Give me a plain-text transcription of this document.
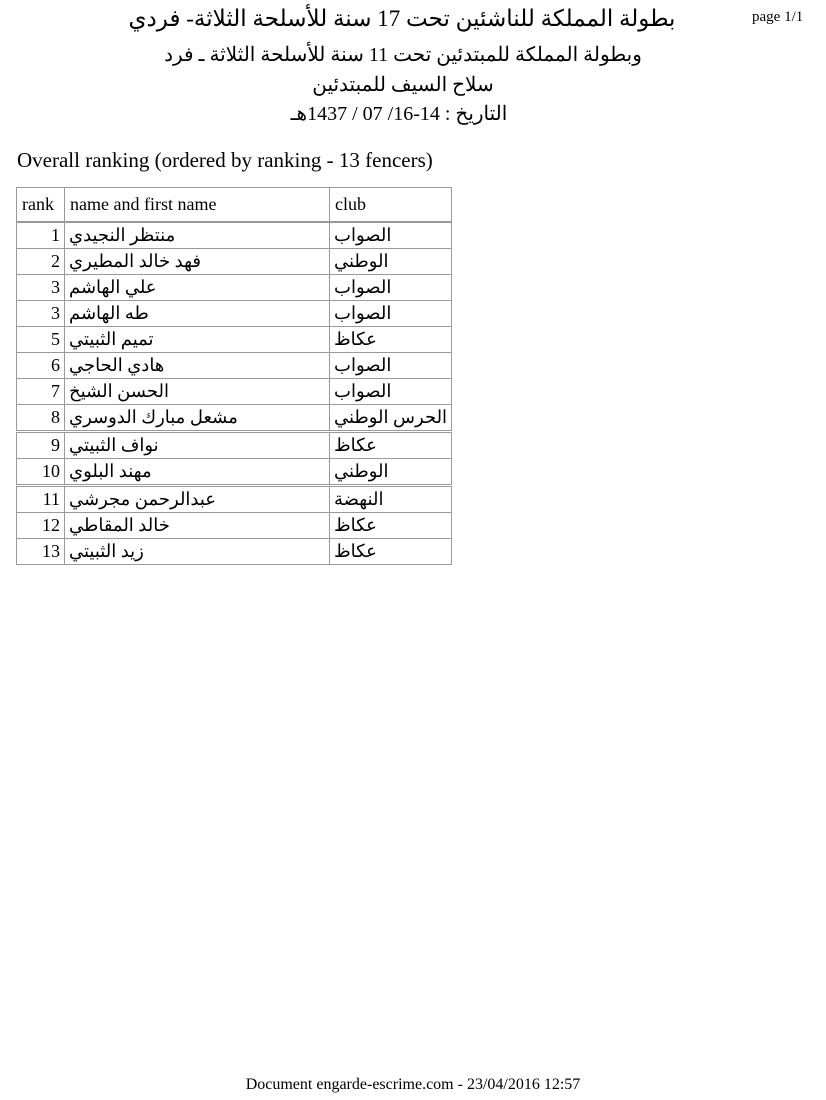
page 1/1
بطولة المملكة للناشئين تحت 17 سنة للأسلحة الثلاثة- فردي
وبطولة المملكة للمبتدئين تحت 11 سنة للأسلحة الثلاثة ـ فرد
سلاح السيف للمبتدئين
التاريخ : 14-16/ 07 / 1437هـ
Overall ranking (ordered by ranking - 13 fencers)
rank	name and first name	club
1	منتظر النجيدي	الصواب
2	فهد خالد المطيري	الوطني
3	علي الهاشم	الصواب
3	طه الهاشم	الصواب
5	تميم الثبيتي	عكاظ
6	هادي الحاجي	الصواب
7	الحسن الشيخ	الصواب
8	مشعل مبارك الدوسري	الحرس الوطني
9	نواف الثبيتي	عكاظ
10	مهند البلوي	الوطني
11	عبدالرحمن مجرشي	النهضة
12	خالد المقاطي	عكاظ
13	زيد الثبيتي	عكاظ
Document engarde-escrime.com - 23/04/2016 12:57
